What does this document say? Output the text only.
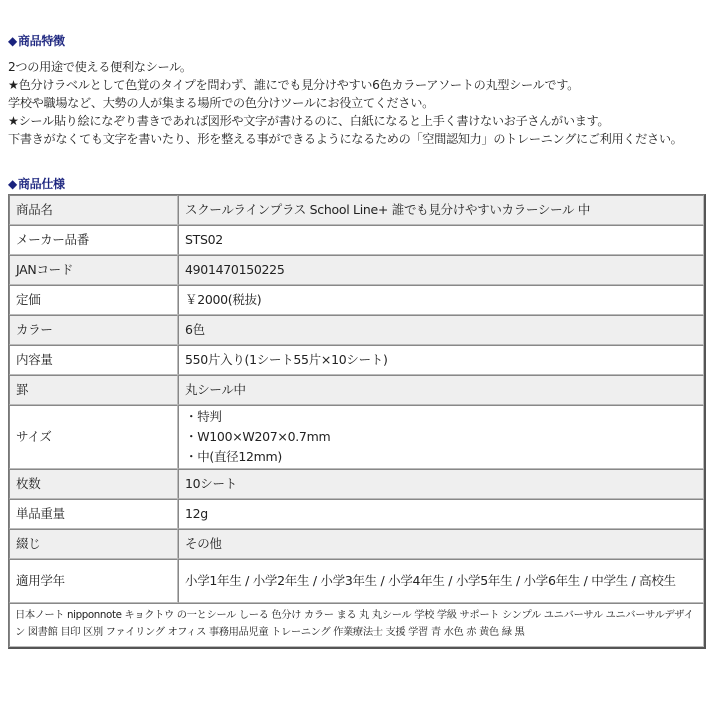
◆商品特徴

2つの用途で使える便利なシール。

★色分けラベルとして色覚のタイプを問わず、誰にでも見分けやすい6色カラーアソートの丸型シールです。

学校や職場など、大勢の人が集まる場所での色分けツールにお役立てください。

★シール貼り絵になぞり書きであれば図形や文字が書けるのに、白紙になると上手く書けないお子さんがいます。

下書きがなくても文字を書いたり、形を整える事ができるようになるための「空間認知力」のトレーニングにご利用ください。

◆商品仕様
商品名	スクールラインプラス School Line+ 誰でも見分けやすいカラーシール 中
メーカー品番	STS02
JANコード	4901470150225
定価	￥2000(税抜)
カラー	6色
内容量	550片入り(1シート55片×10シート)
罫	丸シール中
サイズ	・特判
・W100×W207×0.7mm
・中(直径12mm)

枚数	10シート
単品重量	12g
綴じ	その他
適用学年	小学1年生 / 小学2年生 / 小学3年生 / 小学4年生 / 小学5年生 / 小学6年生 / 中学生 / 高校生
日本ノート nipponnote キョクトウ の一とシール しーる 色分け カラー まる 丸 丸シール 学校 学級 サポート シンプル ユニバーサル ユニバーサルデザイン 図書館 目印 区別 ファイリング オフィス 事務用品児童 トレーニング 作業療法士 支援 学習 青 水色 赤 黄色 緑 黒	
